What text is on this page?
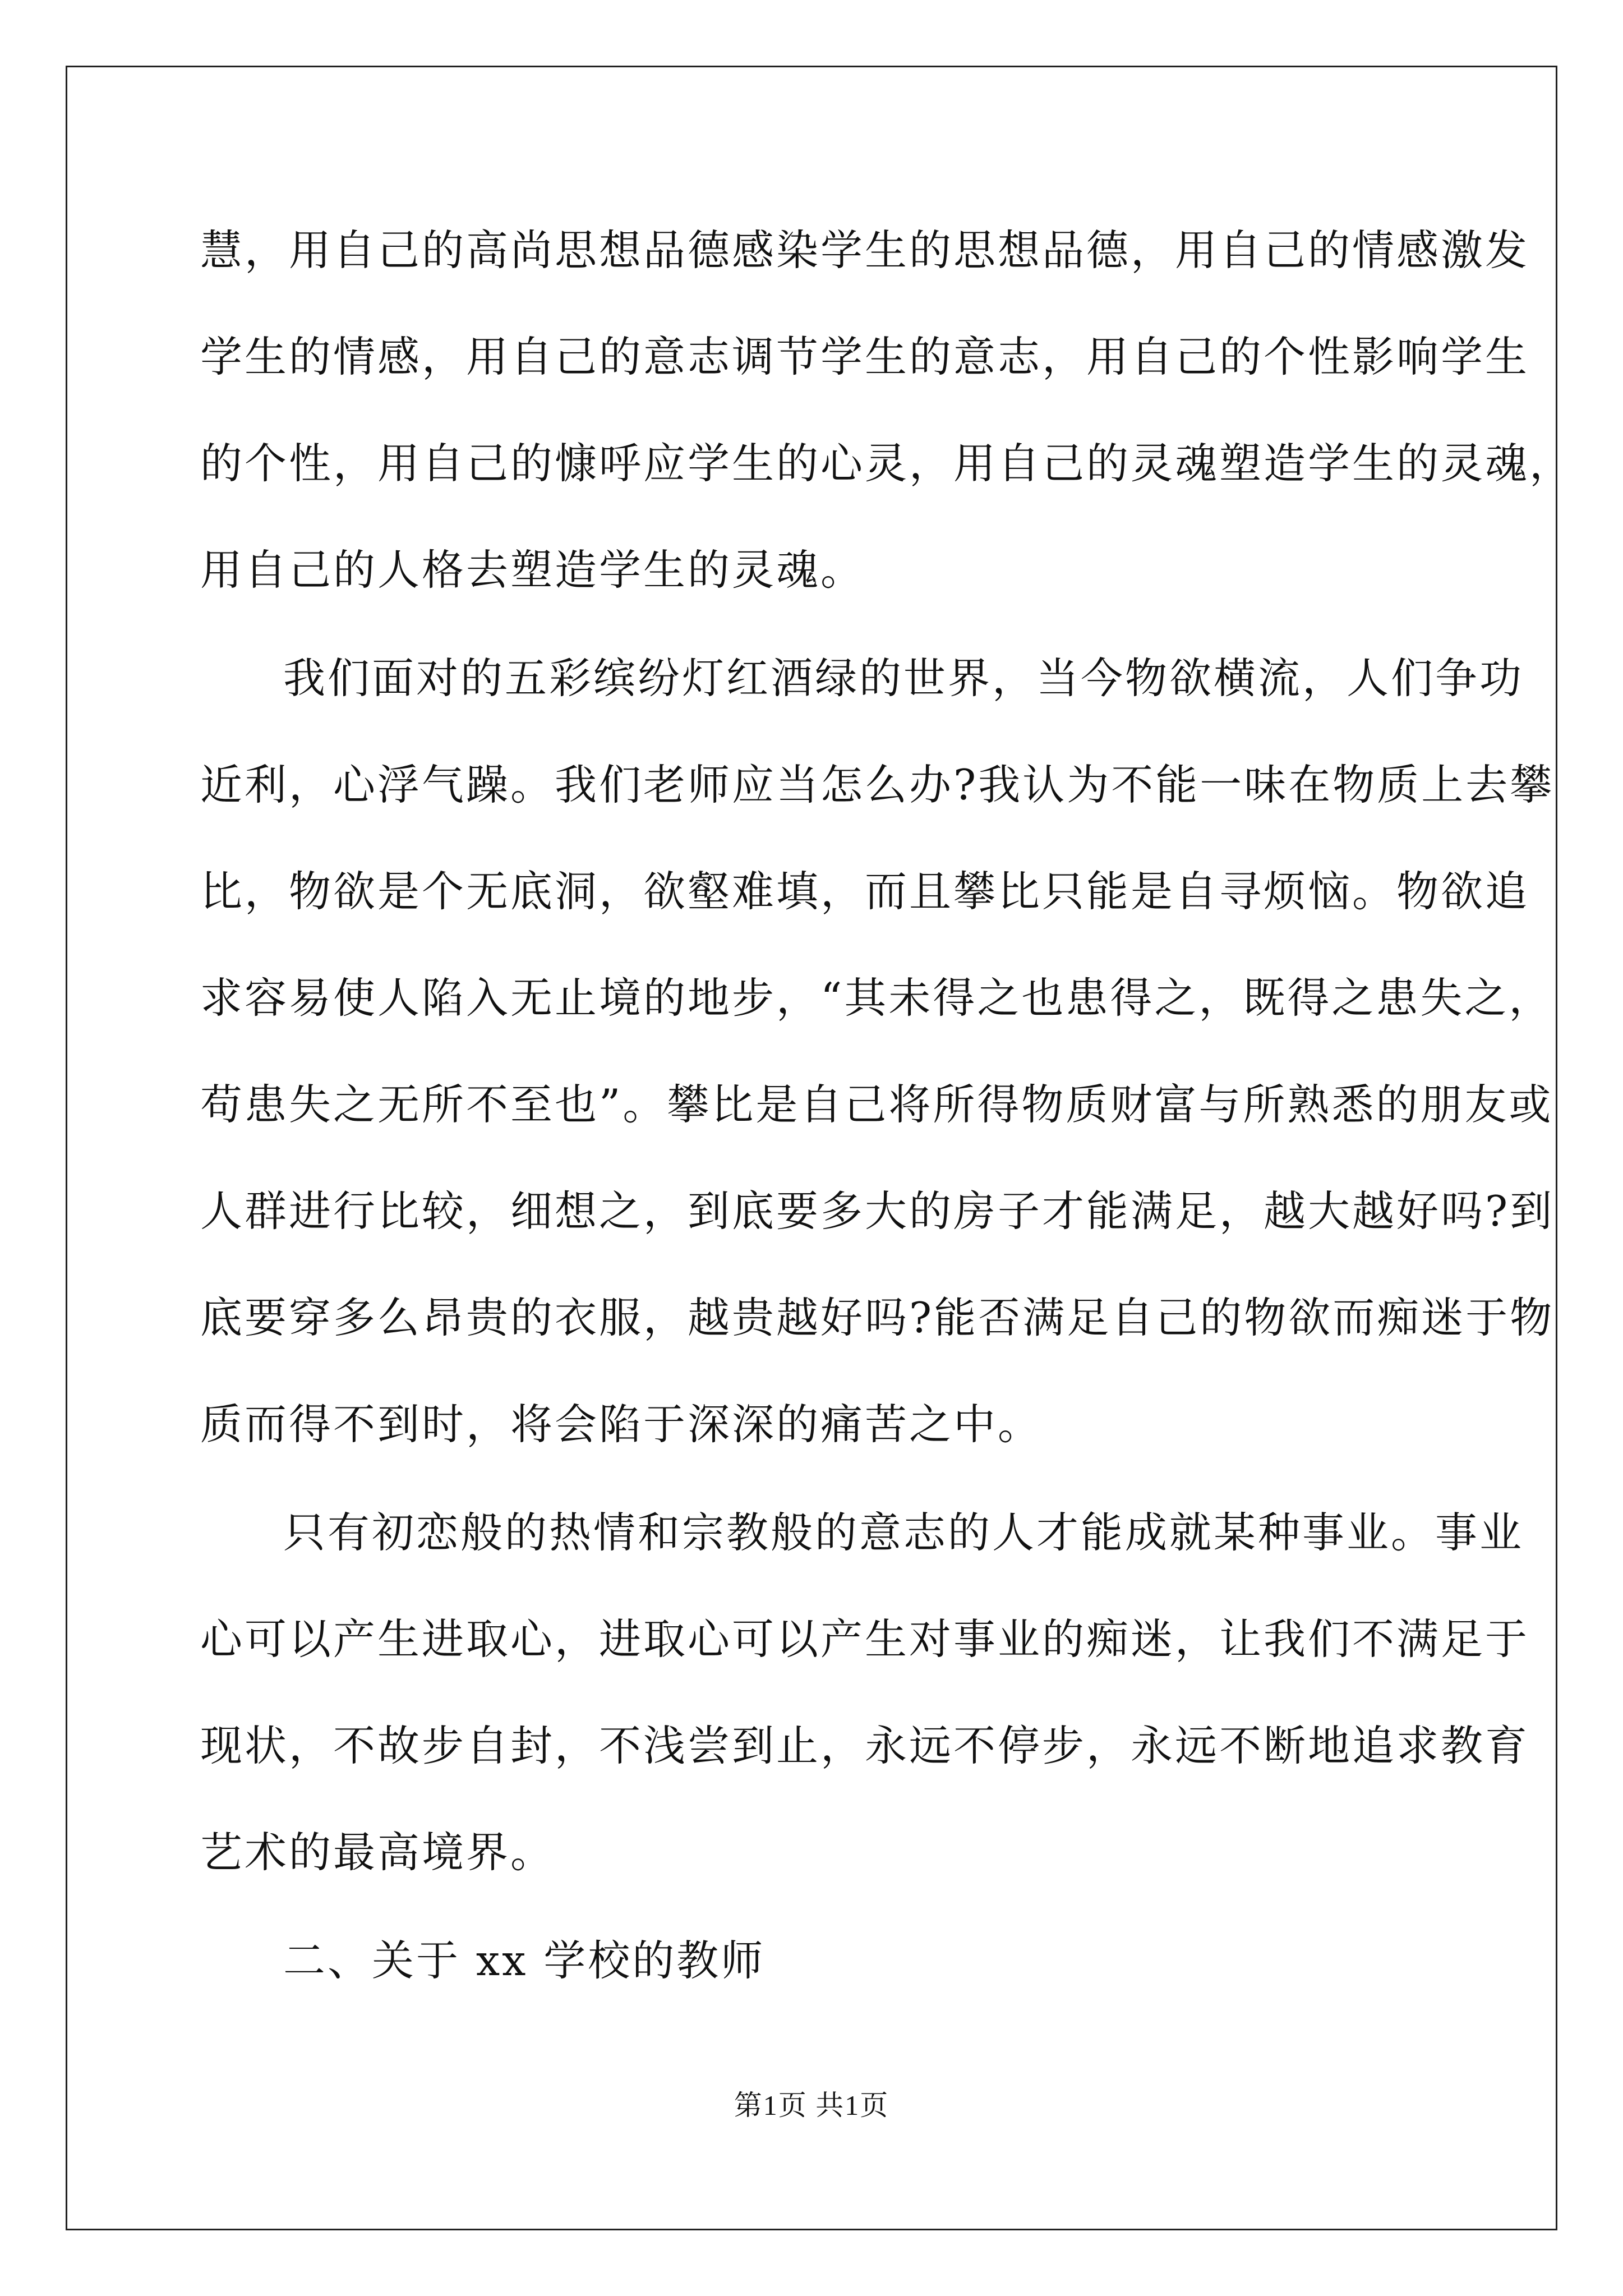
慧，用自己的高尚思想品德感染学生的思想品德，用自己的情感激发
学生的情感，用自己的意志调节学生的意志，用自己的个性影响学生
的个性，用自己的慷呼应学生的心灵，用自己的灵魂塑造学生的灵魂，
用自己的人格去塑造学生的灵魂。
我们面对的五彩缤纷灯红酒绿的世界，当今物欲横流，人们争功
近利，心浮气躁。我们老师应当怎么办?我认为不能一味在物质上去攀
比，物欲是个无底洞，欲壑难填，而且攀比只能是自寻烦恼。物欲追
求容易使人陷入无止境的地步，“其未得之也患得之，既得之患失之，
苟患失之无所不至也”。攀比是自己将所得物质财富与所熟悉的朋友或
人群进行比较，细想之，到底要多大的房子才能满足，越大越好吗?到
底要穿多么昂贵的衣服，越贵越好吗?能否满足自己的物欲而痴迷于物
质而得不到时，将会陷于深深的痛苦之中。
只有初恋般的热情和宗教般的意志的人才能成就某种事业。事业
心可以产生进取心，进取心可以产生对事业的痴迷，让我们不满足于
现状，不故步自封，不浅尝到止，永远不停步，永远不断地追求教育
艺术的最高境界。
二、关于 xx 学校的教师
第1页 共1页
